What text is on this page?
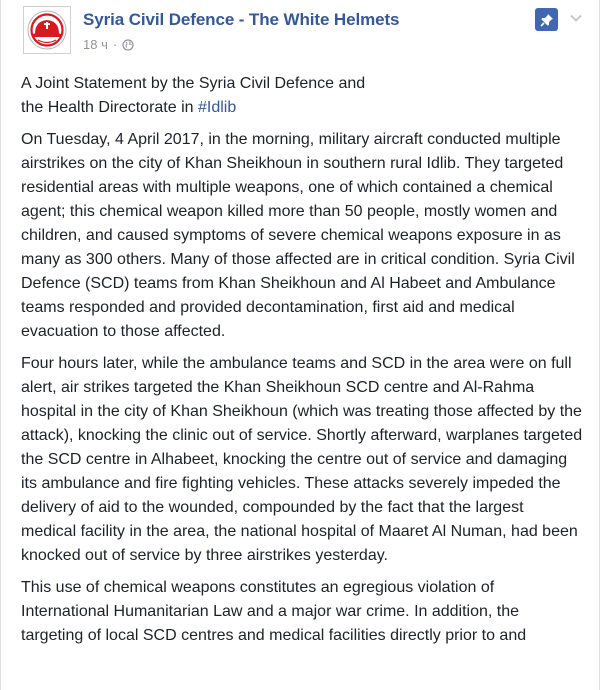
Syria Civil Defence - The White Helmets
18 ч ·

A Joint Statement by the Syria Civil Defence and
the Health Directorate in #Idlib

On Tuesday, 4 April 2017, in the morning, military aircraft conducted multiple airstrikes on the city of Khan Sheikhoun in southern rural Idlib. They targeted residential areas with multiple weapons, one of which contained a chemical agent; this chemical weapon killed more than 50 people, mostly women and children, and caused symptoms of severe chemical weapons exposure in as many as 300 others. Many of those affected are in critical condition. Syria Civil Defence (SCD) teams from Khan Sheikhoun and Al Habeet and Ambulance teams responded and provided decontamination, first aid and medical evacuation to those affected.

Four hours later, while the ambulance teams and SCD in the area were on full alert, air strikes targeted the Khan Sheikhoun SCD centre and Al-Rahma hospital in the city of Khan Sheikhoun (which was treating those affected by the attack), knocking the clinic out of service. Shortly afterward, warplanes targeted the SCD centre in Alhabeet, knocking the centre out of service and damaging its ambulance and fire fighting vehicles. These attacks severely impeded the delivery of aid to the wounded, compounded by the fact that the largest medical facility in the area, the national hospital of Maaret Al Numan, had been knocked out of service by three airstrikes yesterday.

This use of chemical weapons constitutes an egregious violation of International Humanitarian Law and a major war crime. In addition, the targeting of local SCD centres and medical facilities directly prior to and
